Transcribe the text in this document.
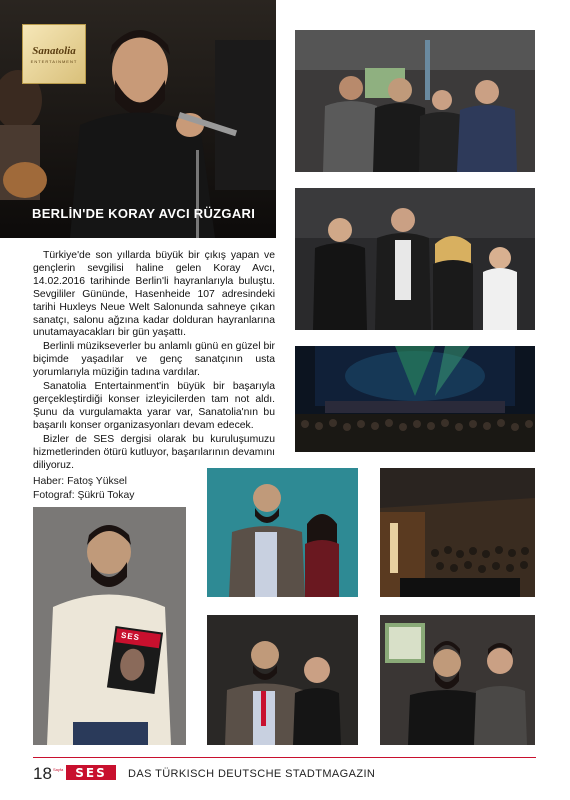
Sanatolia
ENTERTAINMENT
BERLİN'DE KORAY AVCI RÜZGARI

Türkiye'de son yıllarda büyük bir çıkış yapan ve gençlerin sevgilisi haline gelen Koray Avcı, 14.02.2016 tarihinde Berlin'li hayranlarıyla buluştu. Sevgililer Gününde, Hasenheide 107 adresindeki tarihi Huxleys Neue Welt Salonunda sahneye çıkan sanatçı, salonu ağzına kadar dolduran hayranlarına unutamayacakları bir gün yaşattı.

Berlinli müzikseverler bu anlamlı günü en güzel bir biçimde yaşadılar ve genç sanatçının usta yorumlarıyla müziğin tadına vardılar.

Sanatolia Entertainment'in büyük bir başarıyla gerçekleştirdiği konser izleyicilerden tam not aldı. Şunu da vurgulamakta yarar var, Sanatolia'nın bu başarılı konser organizasyonları devam edecek.

Bizler de SES dergisi olarak bu kuruluşumuzu hizmetlerinden ötürü kutluyor, başarılarının devamını diliyoruz.

Haber: Fatoş Yüksel
Fotograf: Şükrü Tokay
SES
18 Sayfa	SES	DAS TÜRKISCH DEUTSCHE STADTMAGAZIN
